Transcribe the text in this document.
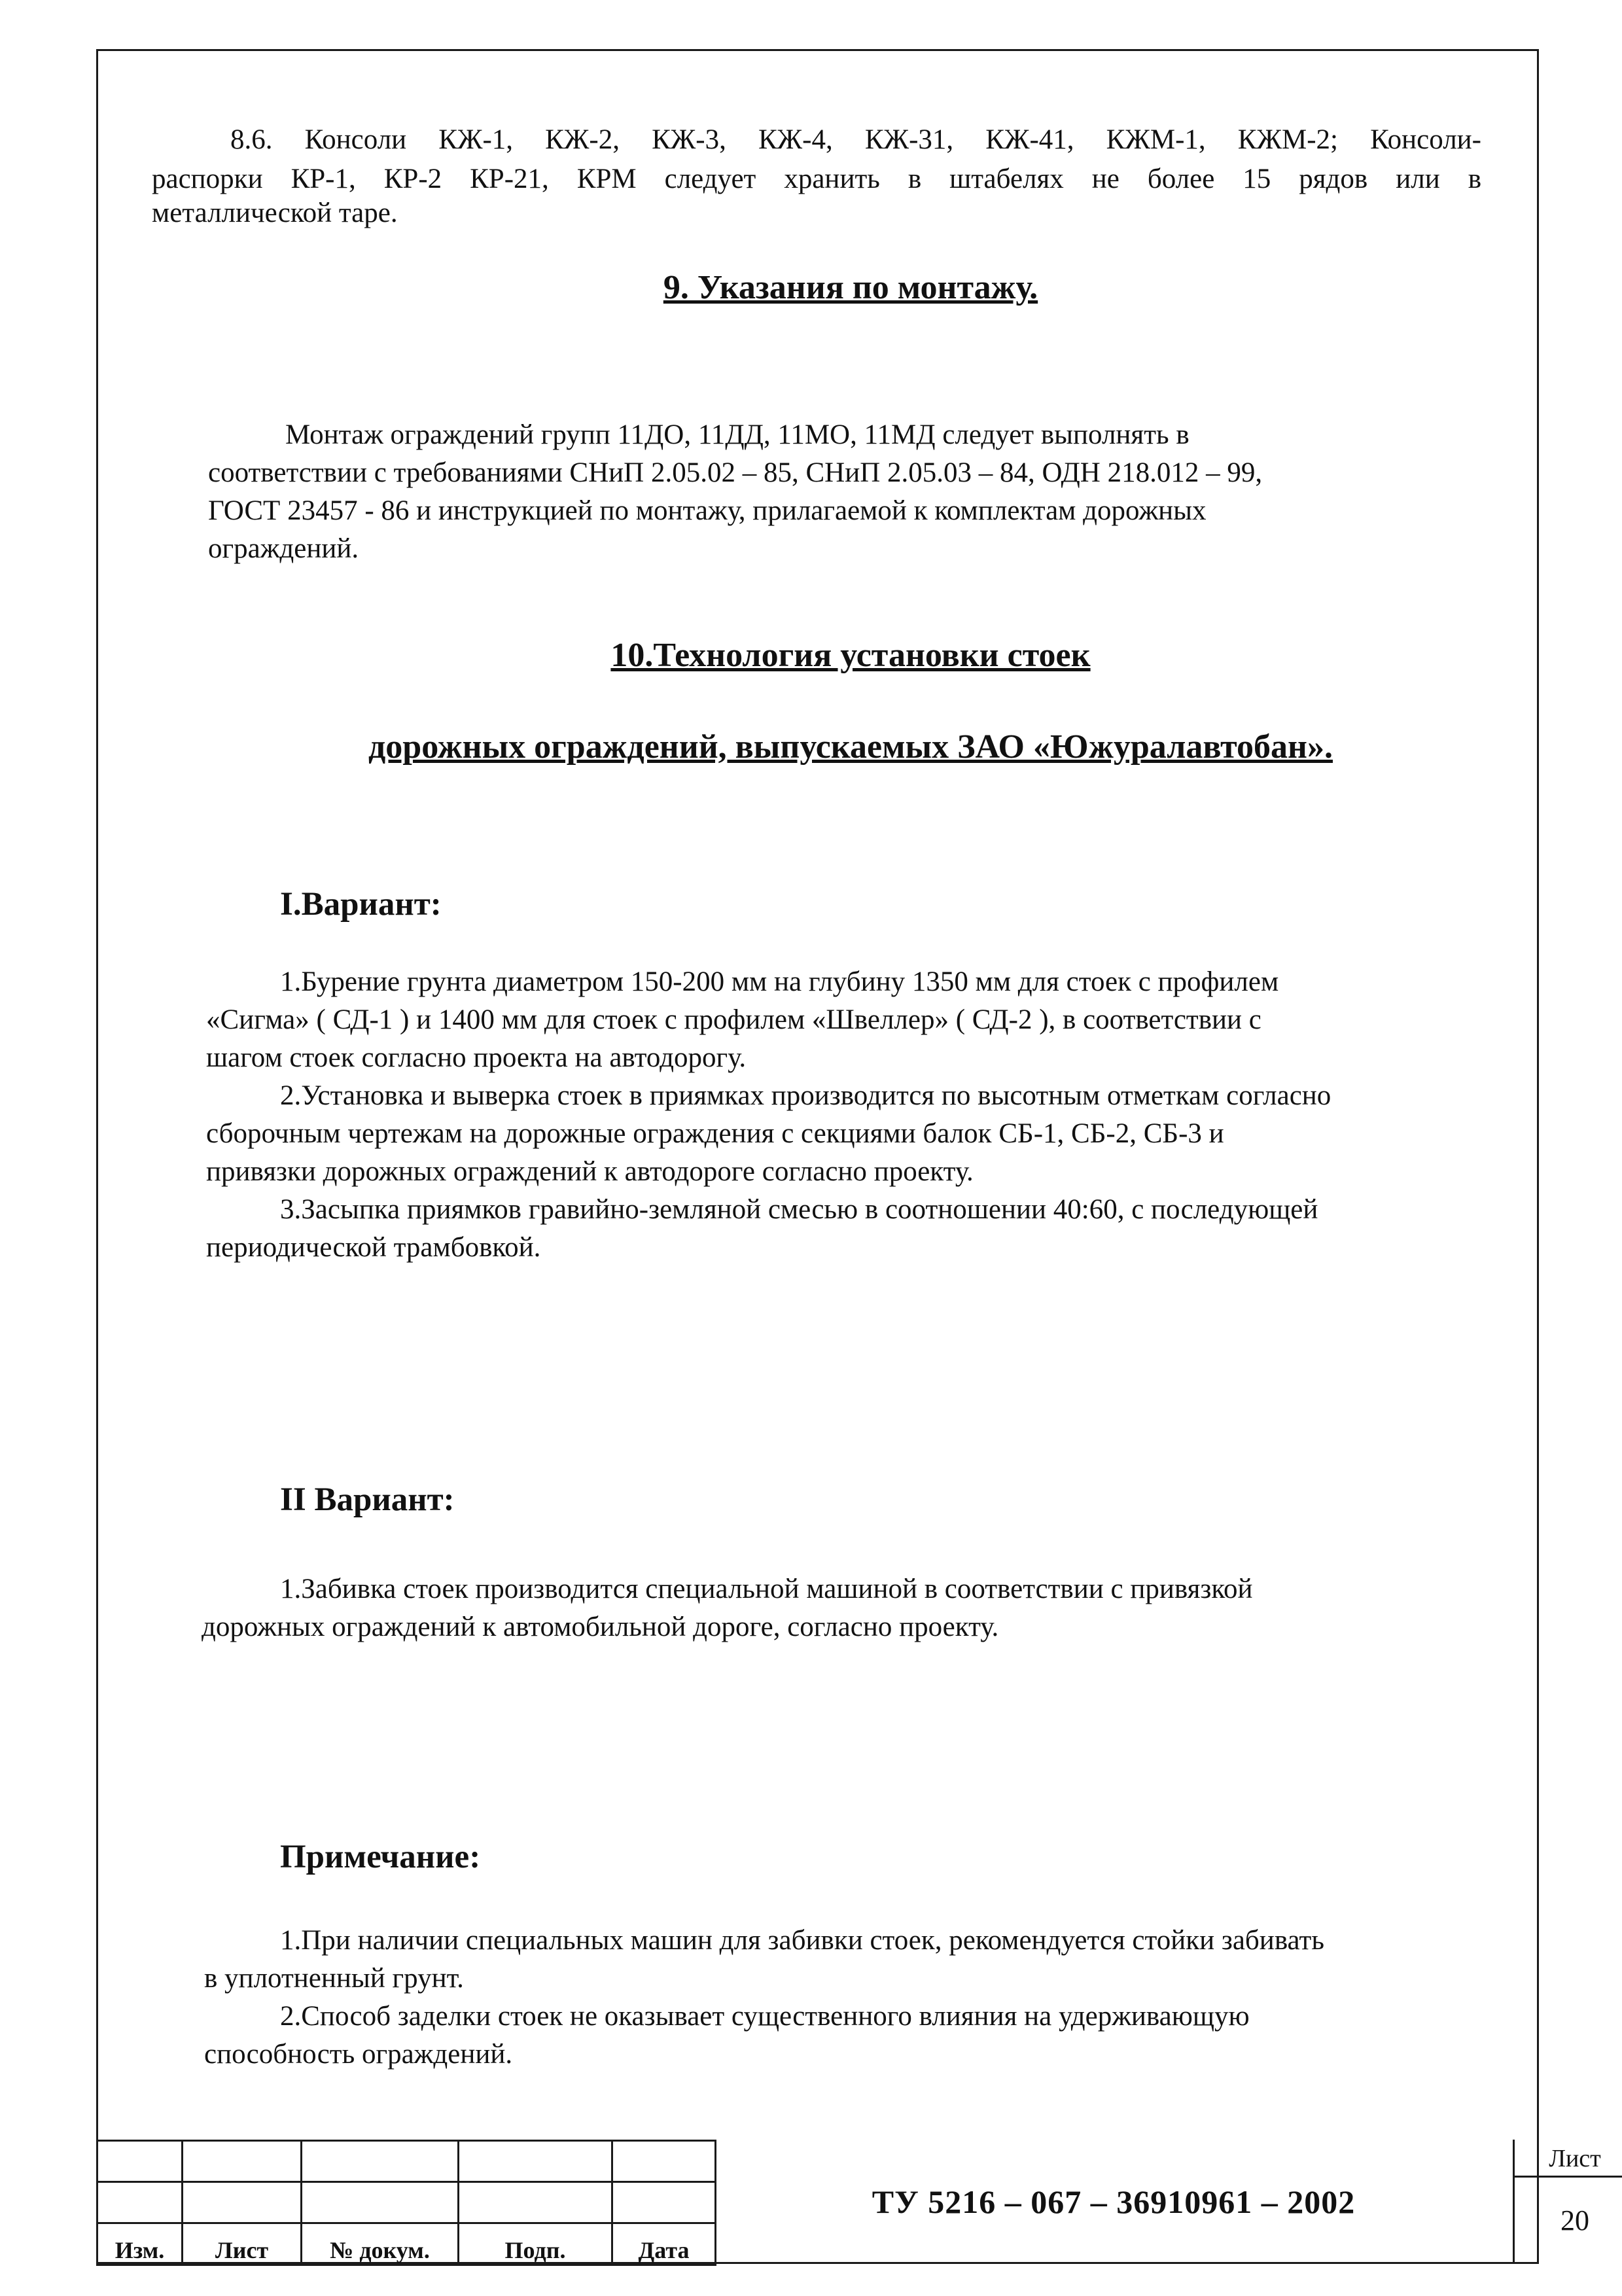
8.6. Консоли КЖ-1, КЖ-2, КЖ-3, КЖ-4, КЖ-31, КЖ-41, КЖМ-1, КЖМ-2; Консоли-
распорки КР-1, КР-2 КР-21, КРМ следует хранить в штабелях не более 15 рядов или в
металлической таре.
9. Указания по монтажу.
Монтаж ограждений групп 11ДО, 11ДД, 11МО, 11МД следует выполнять в
соответствии с требованиями СНиП 2.05.02 – 85, СНиП 2.05.03 – 84, ОДН 218.012 – 99,
ГОСТ 23457 - 86 и инструкцией по монтажу, прилагаемой к комплектам дорожных
ограждений.
10.Технология установки стоек
дорожных ограждений, выпускаемых ЗАО «Южуралавтобан».
I.Вариант:
1.Бурение грунта диаметром 150-200 мм на глубину 1350 мм для стоек с профилем
«Сигма» ( СД-1 ) и 1400 мм для стоек с профилем «Швеллер» ( СД-2 ), в соответствии с
шагом стоек согласно проекта на автодорогу.
2.Установка и выверка стоек в приямках производится по высотным отметкам согласно
сборочным чертежам на дорожные ограждения с секциями балок СБ-1, СБ-2, СБ-3 и
привязки дорожных ограждений к автодороге согласно проекту.
3.Засыпка приямков гравийно-земляной смесью в соотношении 40:60, с последующей
периодической трамбовкой.
II Вариант:
1.Забивка стоек производится специальной машиной в соответствии с привязкой
дорожных ограждений к автомобильной дороге, согласно проекту.
Примечание:
1.При наличии специальных машин для забивки стоек, рекомендуется стойки забивать
в уплотненный грунт.
2.Способ заделки стоек не оказывает существенного влияния на удерживающую
способность ограждений.

Изм.	Лист	№ докум.	Подп.	Дата
ТУ 5216 – 067 – 36910961 – 2002
Лист
20
